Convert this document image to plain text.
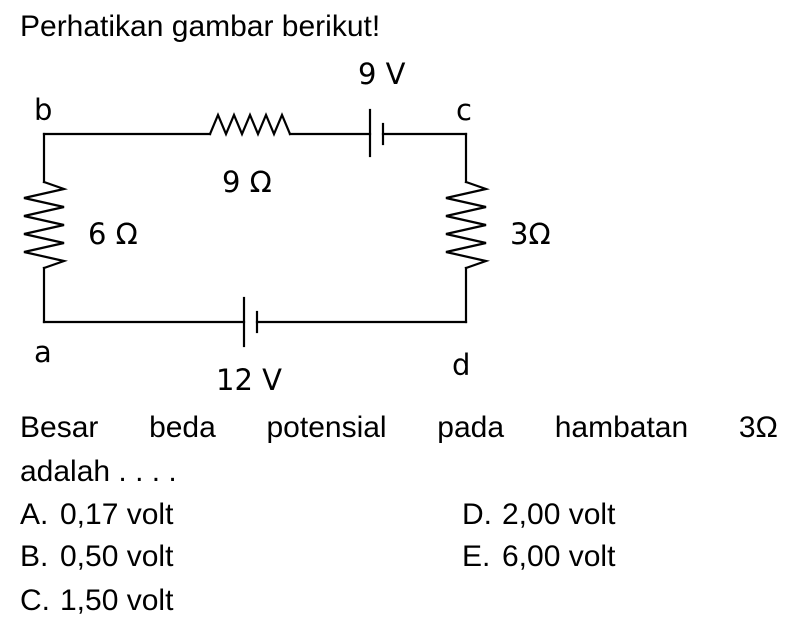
Perhatikan gambar berikut!
b	c
a	d
9 V
12 V
9 Ω
6 Ω	3Ω
Besar beda potensial pada hambatan 3Ω
adalah . . . .
A. 0,17 volt
B. 0,50 volt
C. 1,50 volt
D. 2,00 volt
E. 6,00 volt
